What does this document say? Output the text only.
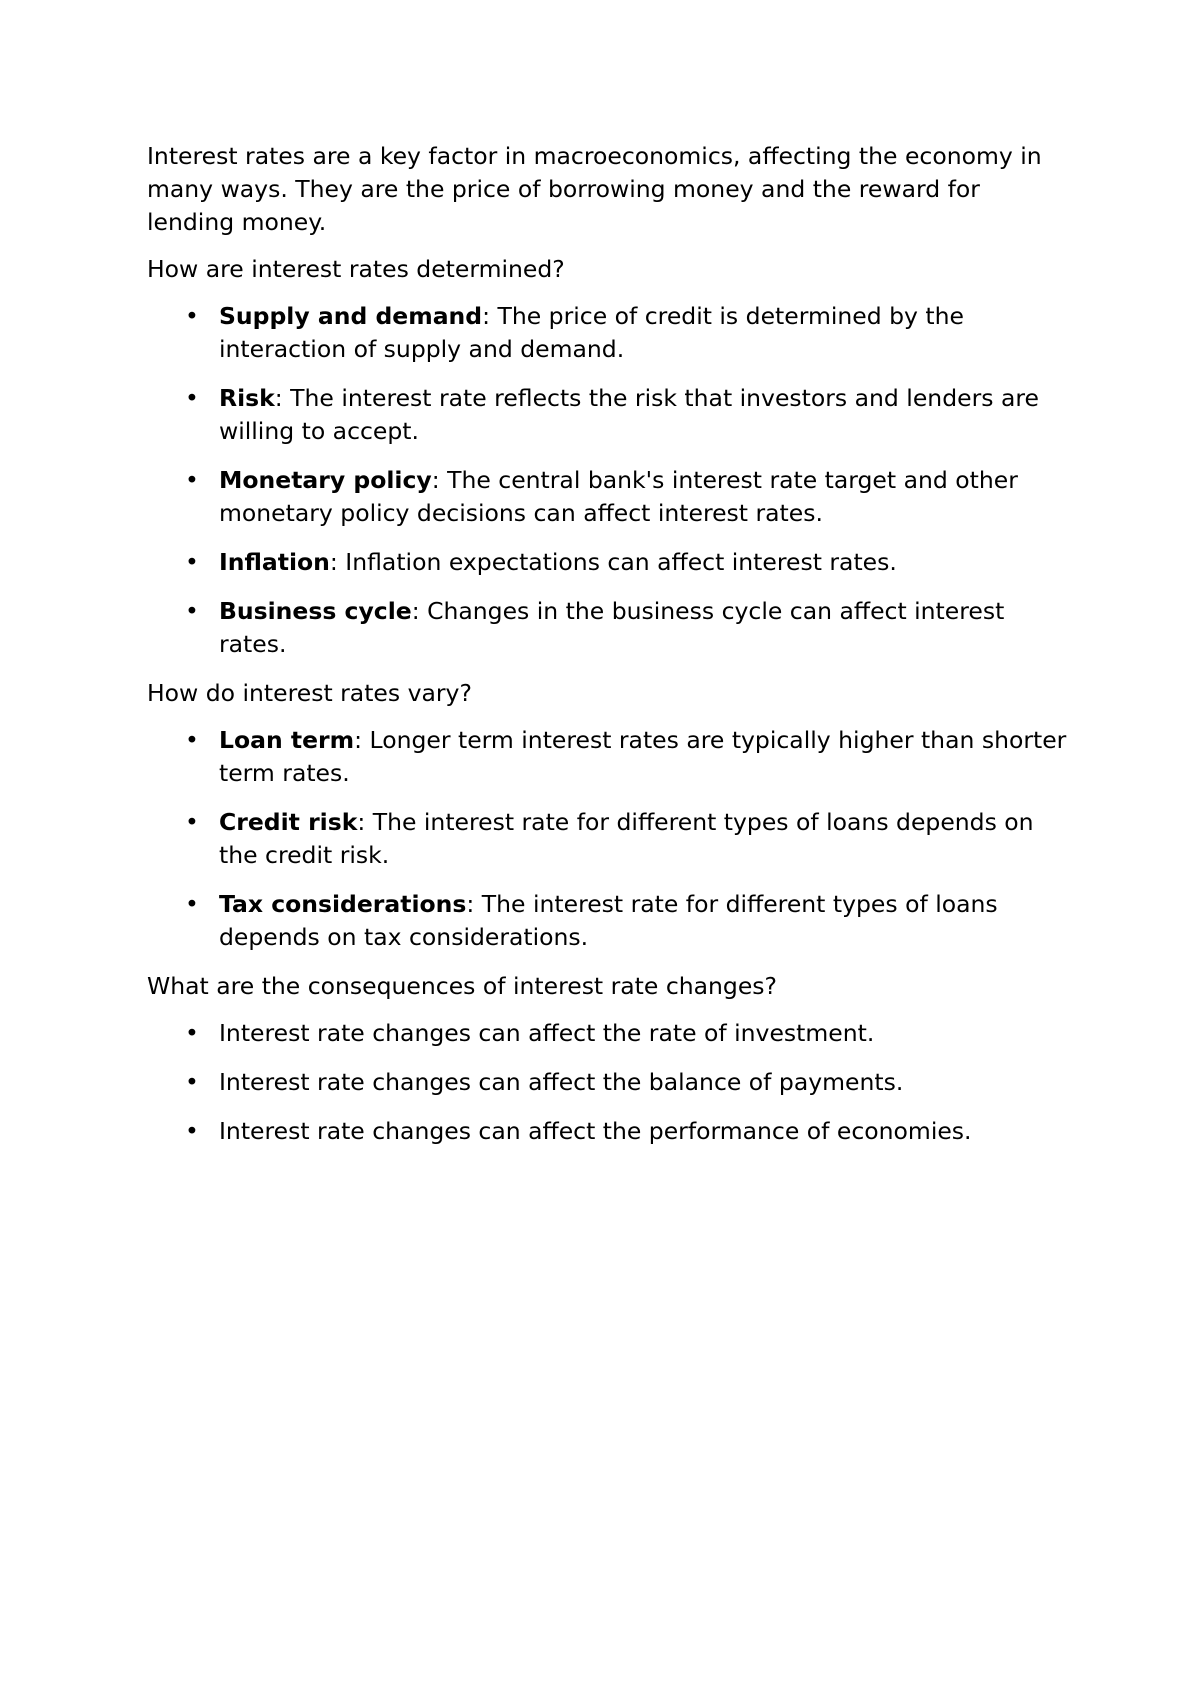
Interest rates are a key factor in macroeconomics, affecting the economy in many ways. They are the price of borrowing money and the reward for lending money.

How are interest rates determined?

• Supply and demand: The price of credit is determined by the interaction of supply and demand.
• Risk: The interest rate reflects the risk that investors and lenders are willing to accept.
• Monetary policy: The central bank's interest rate target and other monetary policy decisions can affect interest rates.
• Inflation: Inflation expectations can affect interest rates.
• Business cycle: Changes in the business cycle can affect interest rates.

How do interest rates vary?

• Loan term: Longer term interest rates are typically higher than shorter term rates.
• Credit risk: The interest rate for different types of loans depends on the credit risk.
• Tax considerations: The interest rate for different types of loans depends on tax considerations.

What are the consequences of interest rate changes?

• Interest rate changes can affect the rate of investment.
• Interest rate changes can affect the balance of payments.
• Interest rate changes can affect the performance of economies.
